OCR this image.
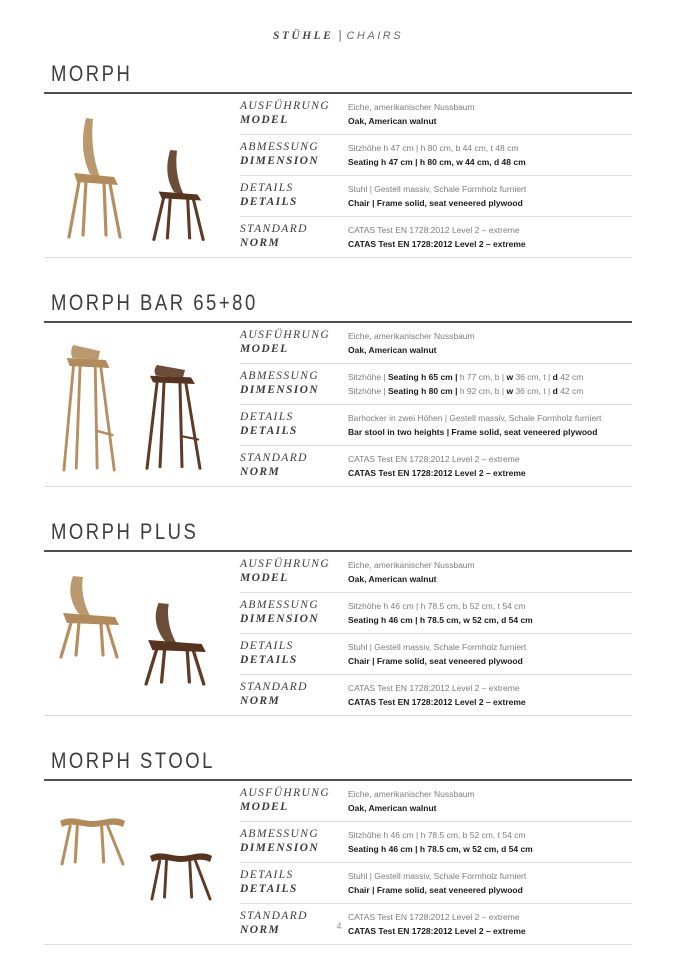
STÜHLE | CHAIRS
MORPH
AUSFÜHRUNG
MODEL
Eiche, amerikanischer Nussbaum
Oak, American walnut
ABMESSUNG
DIMENSION
Sitzhöhe h 47 cm | h 80 cm, b 44 cm, t 48 cm
Seating h 47 cm | h 80 cm, w 44 cm, d 48 cm
DETAILS
DETAILS
Stuhl | Gestell massiv, Schale Formholz furniert
Chair | Frame solid, seat veneered plywood
STANDARD
NORM
CATAS Test EN 1728:2012 Level 2 – extreme
CATAS Test EN 1728:2012 Level 2 – extreme
MORPH BAR 65+80
AUSFÜHRUNG
MODEL
Eiche, amerikanischer Nussbaum
Oak, American walnut
ABMESSUNG
DIMENSION
Sitzhöhe | Seating h 65 cm | h 77 cm, b | w 36 cm, t | d 42 cm
Sitzhöhe | Seating h 80 cm | h 92 cm, b | w 36 cm, t | d 42 cm
DETAILS
DETAILS
Barhocker in zwei Höhen | Gestell massiv, Schale Formholz furniert
Bar stool in two heights | Frame solid, seat veneered plywood
STANDARD
NORM
CATAS Test EN 1728:2012 Level 2 – extreme
CATAS Test EN 1728:2012 Level 2 – extreme
MORPH PLUS
AUSFÜHRUNG
MODEL
Eiche, amerikanischer Nussbaum
Oak, American walnut
ABMESSUNG
DIMENSION
Sitzhöhe h 46 cm | h 78.5 cm, b 52 cm, t 54 cm
Seating h 46 cm | h 78.5 cm, w 52 cm, d 54 cm
DETAILS
DETAILS
Stuhl | Gestell massiv, Schale Formholz furniert
Chair | Frame solid, seat veneered plywood
STANDARD
NORM
CATAS Test EN 1728:2012 Level 2 – extreme
CATAS Test EN 1728:2012 Level 2 – extreme
MORPH STOOL
AUSFÜHRUNG
MODEL
Eiche, amerikanischer Nussbaum
Oak, American walnut
ABMESSUNG
DIMENSION
Sitzhöhe h 46 cm | h 78.5 cm, b 52 cm, t 54 cm
Seating h 46 cm | h 78.5 cm, w 52 cm, d 54 cm
DETAILS
DETAILS
Stuhl | Gestell massiv, Schale Formholz furniert
Chair | Frame solid, seat veneered plywood
STANDARD
NORM
CATAS Test EN 1728:2012 Level 2 – extreme
CATAS Test EN 1728:2012 Level 2 – extreme
4
